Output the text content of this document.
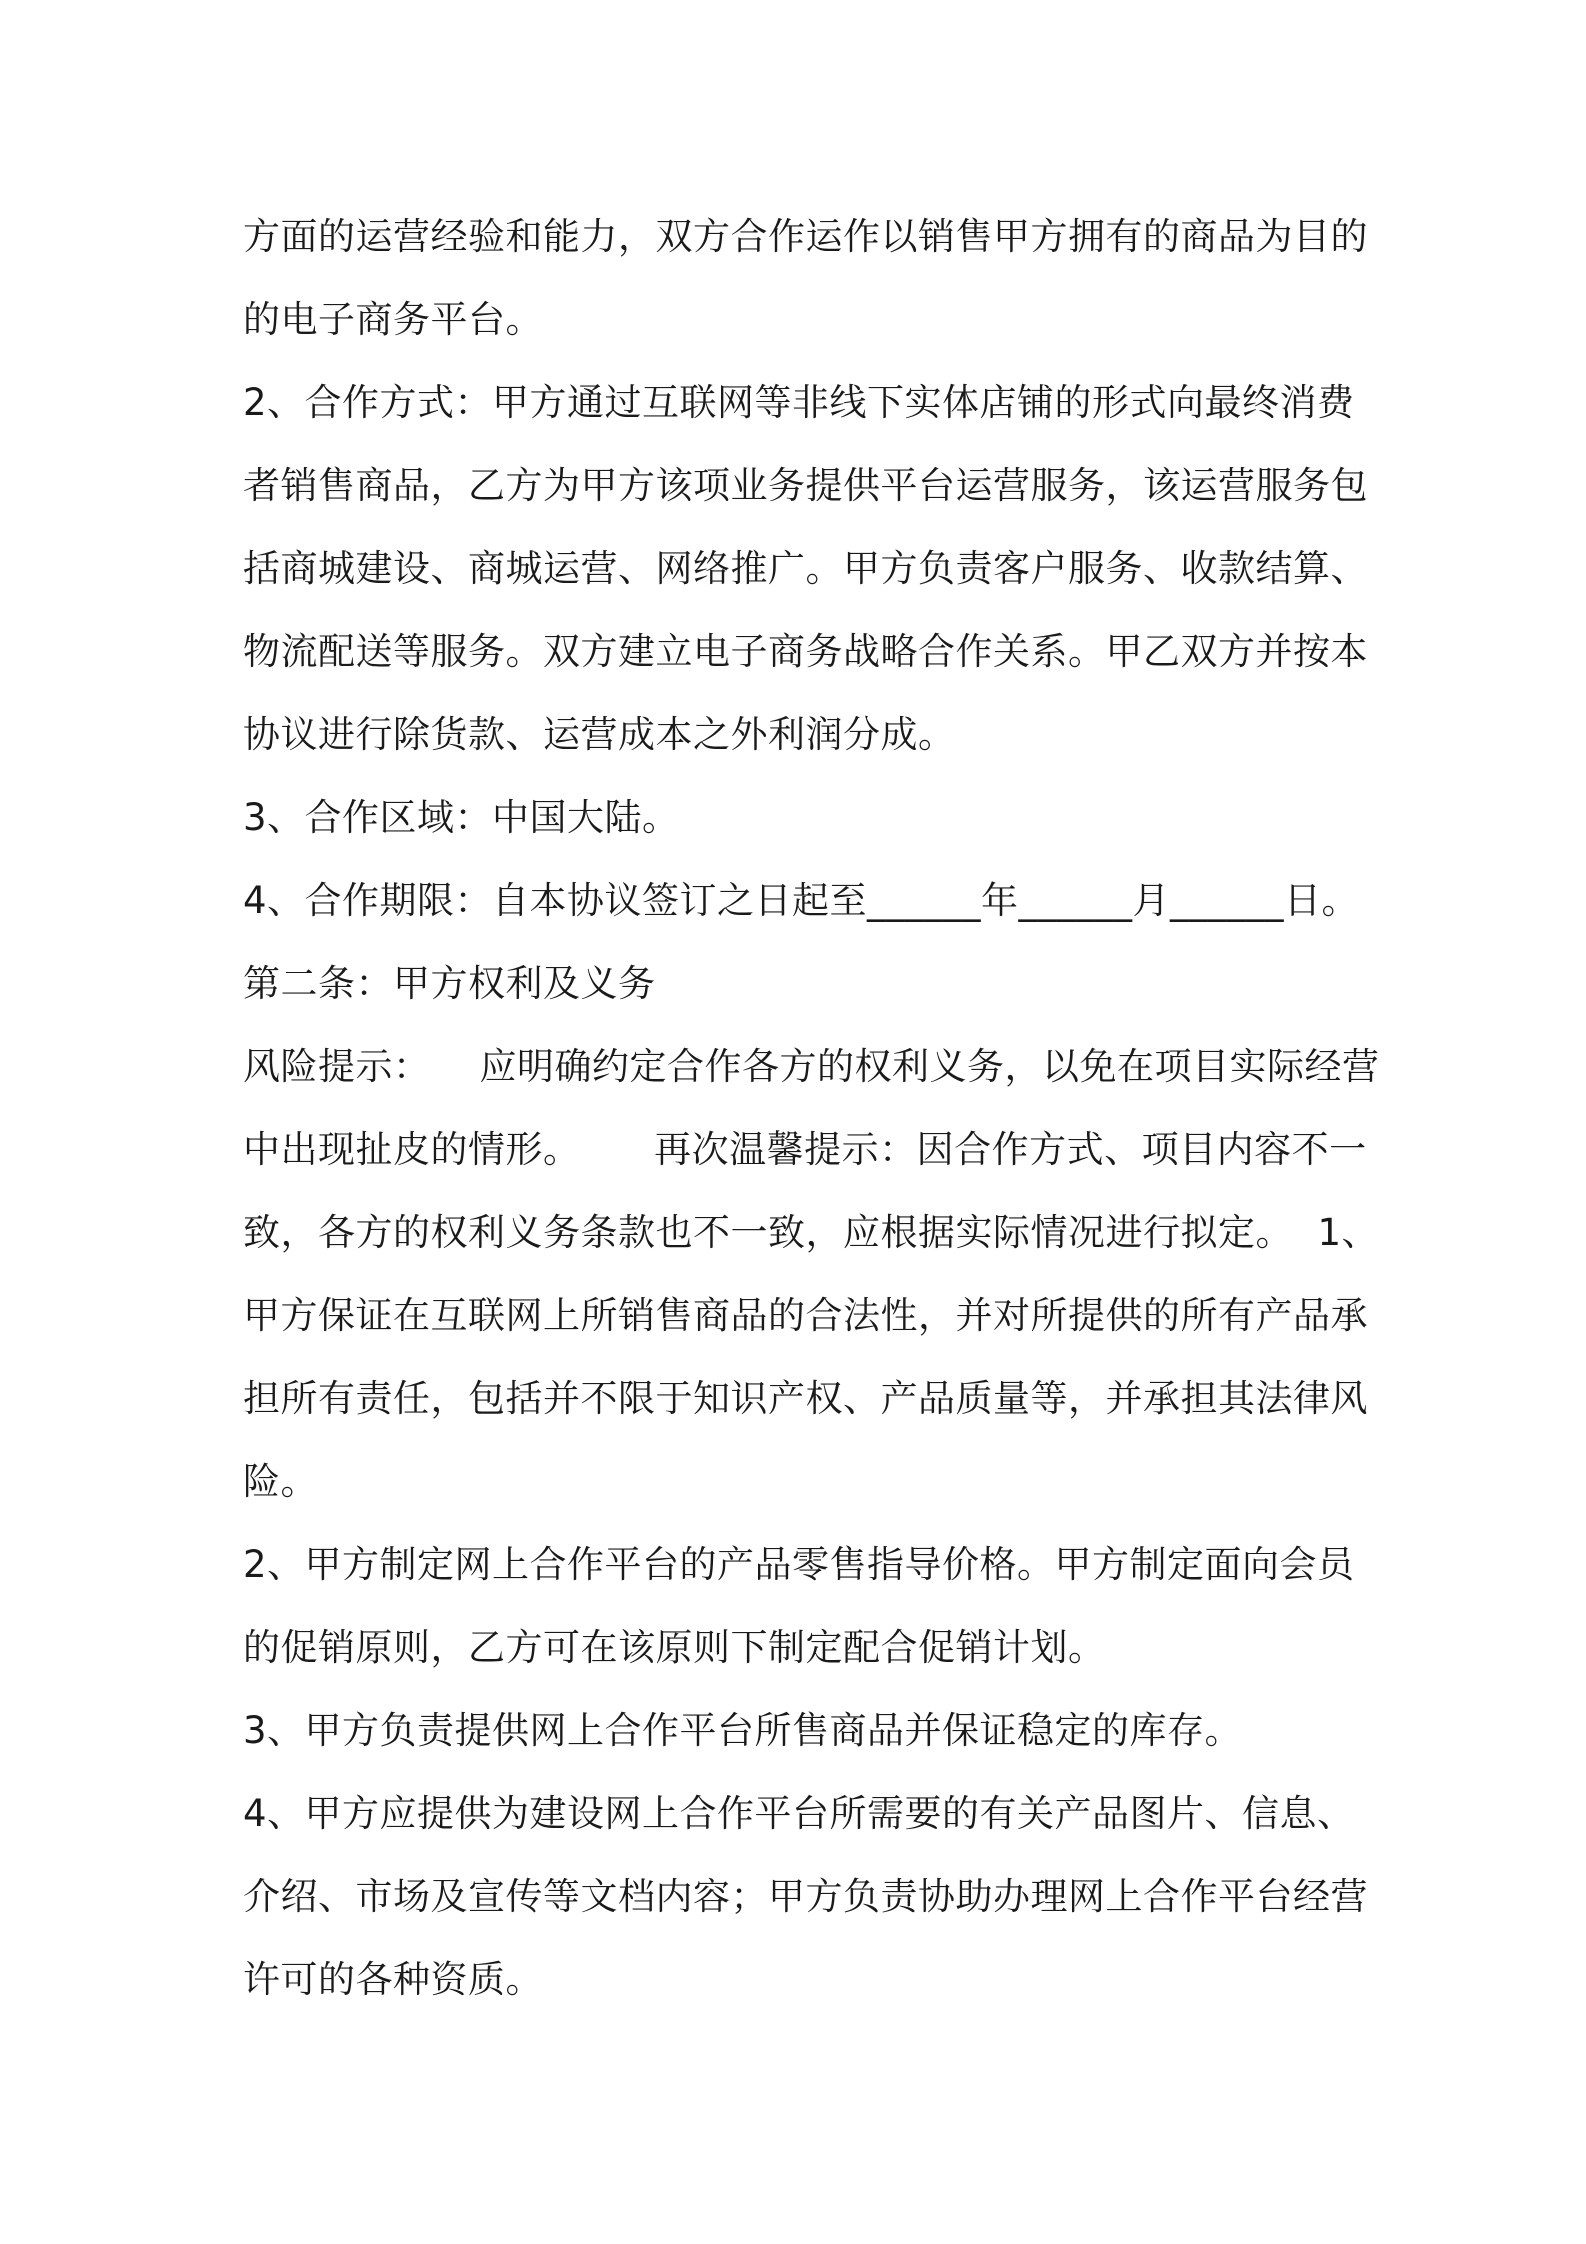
方面的运营经验和能力，双方合作运作以销售甲方拥有的商品为目的
的电子商务平台。
2、合作方式：甲方通过互联网等非线下实体店铺的形式向最终消费
者销售商品，乙方为甲方该项业务提供平台运营服务，该运营服务包
括商城建设、商城运营、网络推广。甲方负责客户服务、收款结算、
物流配送等服务。双方建立电子商务战略合作关系。甲乙双方并按本
协议进行除货款、运营成本之外利润分成。
3、合作区域：中国大陆。
4、合作期限：自本协议签订之日起至______年______月______日。
第二条：甲方权利及义务
风险提示：    应明确约定合作各方的权利义务，以免在项目实际经营
中出现扯皮的情形。      再次温馨提示：因合作方式、项目内容不一
致，各方的权利义务条款也不一致，应根据实际情况进行拟定。  1、
甲方保证在互联网上所销售商品的合法性，并对所提供的所有产品承
担所有责任，包括并不限于知识产权、产品质量等，并承担其法律风
险。
2、甲方制定网上合作平台的产品零售指导价格。甲方制定面向会员
的促销原则，乙方可在该原则下制定配合促销计划。
3、甲方负责提供网上合作平台所售商品并保证稳定的库存。
4、甲方应提供为建设网上合作平台所需要的有关产品图片、信息、
介绍、市场及宣传等文档内容；甲方负责协助办理网上合作平台经营
许可的各种资质。
